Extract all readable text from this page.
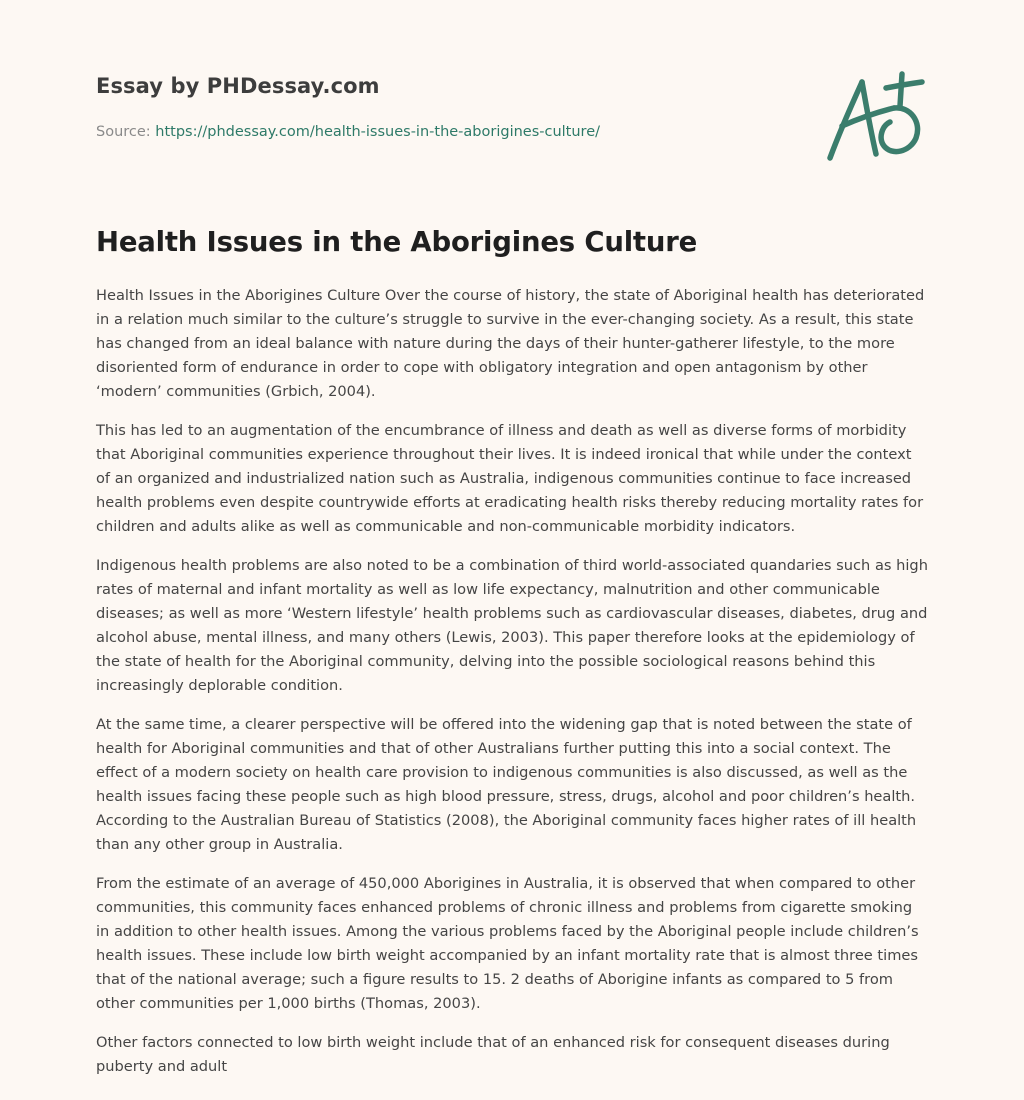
Essay by PHDessay.com
Source: https://phdessay.com/health-issues-in-the-aborigines-culture/
Health Issues in the Aborigines Culture

Health Issues in the Aborigines Culture Over the course of history, the state of Aboriginal health has deteriorated in a relation much similar to the culture’s struggle to survive in the ever-changing society. As a result, this state has changed from an ideal balance with nature during the days of their hunter-gatherer lifestyle, to the more disoriented form of endurance in order to cope with obligatory integration and open antagonism by other ‘modern’ communities (Grbich, 2004).

This has led to an augmentation of the encumbrance of illness and death as well as diverse forms of morbidity that Aboriginal communities experience throughout their lives. It is indeed ironical that while under the context of an organized and industrialized nation such as Australia, indigenous communities continue to face increased health problems even despite countrywide efforts at eradicating health risks thereby reducing mortality rates for children and adults alike as well as communicable and non-communicable morbidity indicators.

Indigenous health problems are also noted to be a combination of third world-associated quandaries such as high rates of maternal and infant mortality as well as low life expectancy, malnutrition and other communicable diseases; as well as more ‘Western lifestyle’ health problems such as cardiovascular diseases, diabetes, drug and alcohol abuse, mental illness, and many others (Lewis, 2003). This paper therefore looks at the epidemiology of the state of health for the Aboriginal community, delving into the possible sociological reasons behind this increasingly deplorable condition.

At the same time, a clearer perspective will be offered into the widening gap that is noted between the state of health for Aboriginal communities and that of other Australians further putting this into a social context. The effect of a modern society on health care provision to indigenous communities is also discussed, as well as the health issues facing these people such as high blood pressure, stress, drugs, alcohol and poor children’s health. According to the Australian Bureau of Statistics (2008), the Aboriginal community faces higher rates of ill health than any other group in Australia.

From the estimate of an average of 450,000 Aborigines in Australia, it is observed that when compared to other communities, this community faces enhanced problems of chronic illness and problems from cigarette smoking in addition to other health issues. Among the various problems faced by the Aboriginal people include children’s health issues. These include low birth weight accompanied by an infant mortality rate that is almost three times that of the national average; such a figure results to 15. 2 deaths of Aborigine infants as compared to 5 from other communities per 1,000 births (Thomas, 2003).

Other factors connected to low birth weight include that of an enhanced risk for consequent diseases during puberty and adult
